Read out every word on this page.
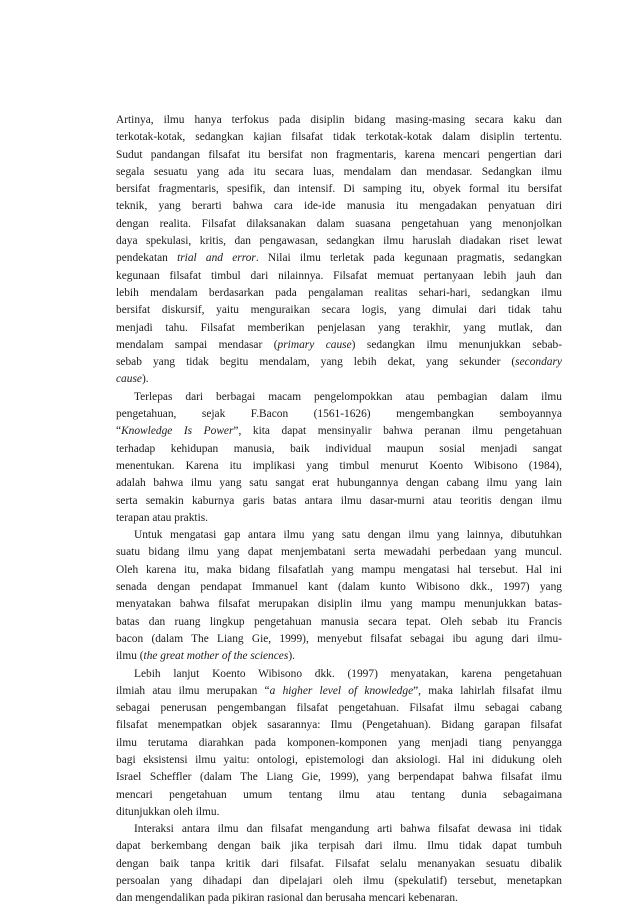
Artinya, ilmu hanya terfokus pada disiplin bidang masing-masing secara kaku dan
terkotak-kotak, sedangkan kajian filsafat tidak terkotak-kotak dalam disiplin tertentu.
Sudut pandangan filsafat itu bersifat non fragmentaris, karena mencari pengertian dari
segala sesuatu yang ada itu secara luas, mendalam dan mendasar. Sedangkan ilmu
bersifat fragmentaris, spesifik, dan intensif. Di samping itu, obyek formal itu bersifat
teknik, yang berarti bahwa cara ide-ide manusia itu mengadakan penyatuan diri
dengan realita. Filsafat dilaksanakan dalam suasana pengetahuan yang menonjolkan
daya spekulasi, kritis, dan pengawasan, sedangkan ilmu haruslah diadakan riset lewat
pendekatan trial and error. Nilai ilmu terletak pada kegunaan pragmatis, sedangkan
kegunaan filsafat timbul dari nilainnya. Filsafat memuat pertanyaan lebih jauh dan
lebih mendalam berdasarkan pada pengalaman realitas sehari-hari, sedangkan ilmu
bersifat diskursif, yaitu menguraikan secara logis, yang dimulai dari tidak tahu
menjadi tahu. Filsafat memberikan penjelasan yang terakhir, yang mutlak, dan
mendalam sampai mendasar (primary cause) sedangkan ilmu menunjukkan sebab-
sebab yang tidak begitu mendalam, yang lebih dekat, yang sekunder (secondary
cause).
Terlepas dari berbagai macam pengelompokkan atau pembagian dalam ilmu
pengetahuan, sejak F.Bacon (1561-1626) mengembangkan semboyannya
“Knowledge Is Power”, kita dapat mensinyalir bahwa peranan ilmu pengetahuan
terhadap kehidupan manusia, baik individual maupun sosial menjadi sangat
menentukan. Karena itu implikasi yang timbul menurut Koento Wibisono (1984),
adalah bahwa ilmu yang satu sangat erat hubungannya dengan cabang ilmu yang lain
serta semakin kaburnya garis batas antara ilmu dasar-murni atau teoritis dengan ilmu
terapan atau praktis.
Untuk mengatasi gap antara ilmu yang satu dengan ilmu yang lainnya, dibutuhkan
suatu bidang ilmu yang dapat menjembatani serta mewadahi perbedaan yang muncul.
Oleh karena itu, maka bidang filsafatlah yang mampu mengatasi hal tersebut. Hal ini
senada dengan pendapat Immanuel kant (dalam kunto Wibisono dkk., 1997) yang
menyatakan bahwa filsafat merupakan disiplin ilmu yang mampu menunjukkan batas-
batas dan ruang lingkup pengetahuan manusia secara tepat. Oleh sebab itu Francis
bacon (dalam The Liang Gie, 1999), menyebut filsafat sebagai ibu agung dari ilmu-
ilmu (the great mother of the sciences).
Lebih lanjut Koento Wibisono dkk. (1997) menyatakan, karena pengetahuan
ilmiah atau ilmu merupakan “a higher level of knowledge”, maka lahirlah filsafat ilmu
sebagai penerusan pengembangan filsafat pengetahuan. Filsafat ilmu sebagai cabang
filsafat menempatkan objek sasarannya: Ilmu (Pengetahuan). Bidang garapan filsafat
ilmu terutama diarahkan pada komponen-komponen yang menjadi tiang penyangga
bagi eksistensi ilmu yaitu: ontologi, epistemologi dan aksiologi. Hal ini didukung oleh
Israel Scheffler (dalam The Liang Gie, 1999), yang berpendapat bahwa filsafat ilmu
mencari pengetahuan umum tentang ilmu atau tentang dunia sebagaimana
ditunjukkan oleh ilmu.
Interaksi antara ilmu dan filsafat mengandung arti bahwa filsafat dewasa ini tidak
dapat berkembang dengan baik jika terpisah dari ilmu. Ilmu tidak dapat tumbuh
dengan baik tanpa kritik dari filsafat. Filsafat selalu menanyakan sesuatu dibalik
persoalan yang dihadapi dan dipelajari oleh ilmu (spekulatif) tersebut, menetapkan
dan mengendalikan pada pikiran rasional dan berusaha mencari kebenaran.
